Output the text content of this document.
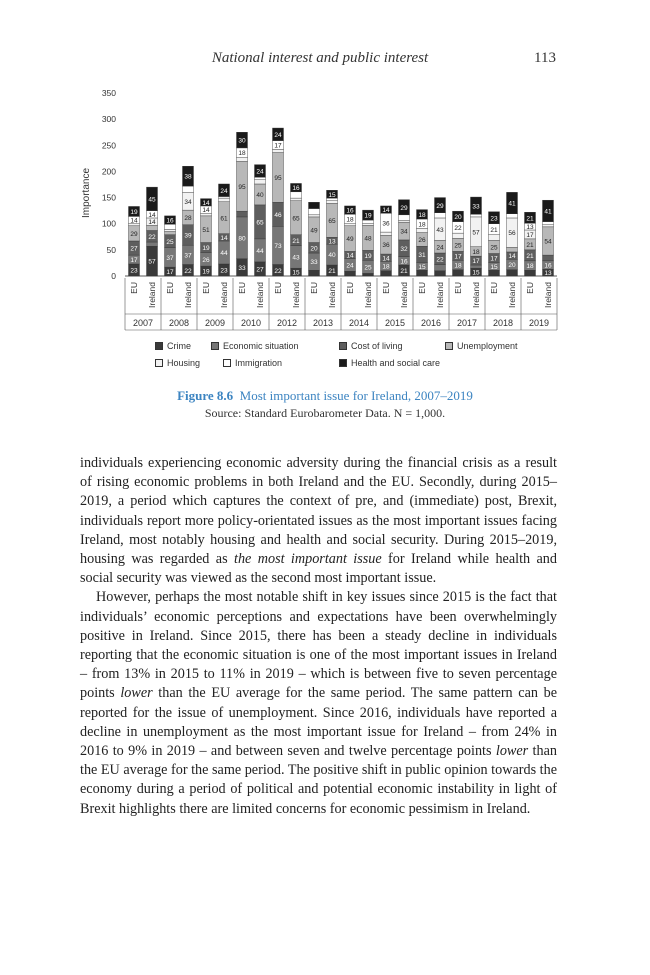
National interest and public interest	113
0
50
100
150
200
250
300
350
23
17
27
29
14
19
57
22
14
14
45
17
37
25
16
22
37
39
28
34
38
19
26
19
51
14
14
23
44
14
61
24
33
80
95
18
30
27
44
65
40
24
22
73
46
95
17
24
15
43
21
65
16
33
20
49
21
40
13
65
15
24
14
49
18
16
25
19
48
19
18
14
36
36
14
21
16
32
34
29
15
31
26
18
18
22
24
43
29
18
17
25
22
20
15
17
18
57
33
15
17
25
21
23
20
14
56
41
18
21
21
17
13
21
13
16
54
41
EU Ireland EU Ireland EU Ireland EU Ireland EU Ireland EU Ireland EU Ireland EU Ireland EU Ireland EU Ireland EU Ireland EU Ireland
2007 2008 2009 2010 2012 2013 2014 2015 2016 2017 2018 2019
Importance
Crime	Economic situation	Cost of living	Unemployment
Housing	Immigration	Health and social care
Figure 8.6 Most important issue for Ireland, 2007–2019
Source: Standard Eurobarometer Data. N = 1,000.

individuals experiencing economic adversity during the financial crisis as a result of rising economic problems in both Ireland and the EU. Secondly, during 2015–2019, a period which captures the context of pre, and (immediate) post, Brexit, individuals report more policy-orientated issues as the most important issues facing Ireland, most notably housing and health and social security. During 2015–2019, housing was regarded as the most important issue for Ireland while health and social security was viewed as the second most important issue.

However, perhaps the most notable shift in key issues since 2015 is the fact that individuals’ economic perceptions and expectations have been overwhelmingly positive in Ireland. Since 2015, there has been a steady decline in individuals reporting that the economic situation is one of the most important issues in Ireland – from 13% in 2015 to 11% in 2019 – which is between five to seven percentage points lower than the EU average for the same period. The same pattern can be reported for the issue of unemployment. Since 2016, individuals have reported a decline in unemployment as the most important issue for Ireland – from 24% in 2016 to 9% in 2019 – and between seven and twelve percentage points lower than the EU average for the same period. The positive shift in public opinion towards the economy during a period of political and potential economic instability in light of Brexit highlights there are limited concerns for economic pessimism in Ireland.
